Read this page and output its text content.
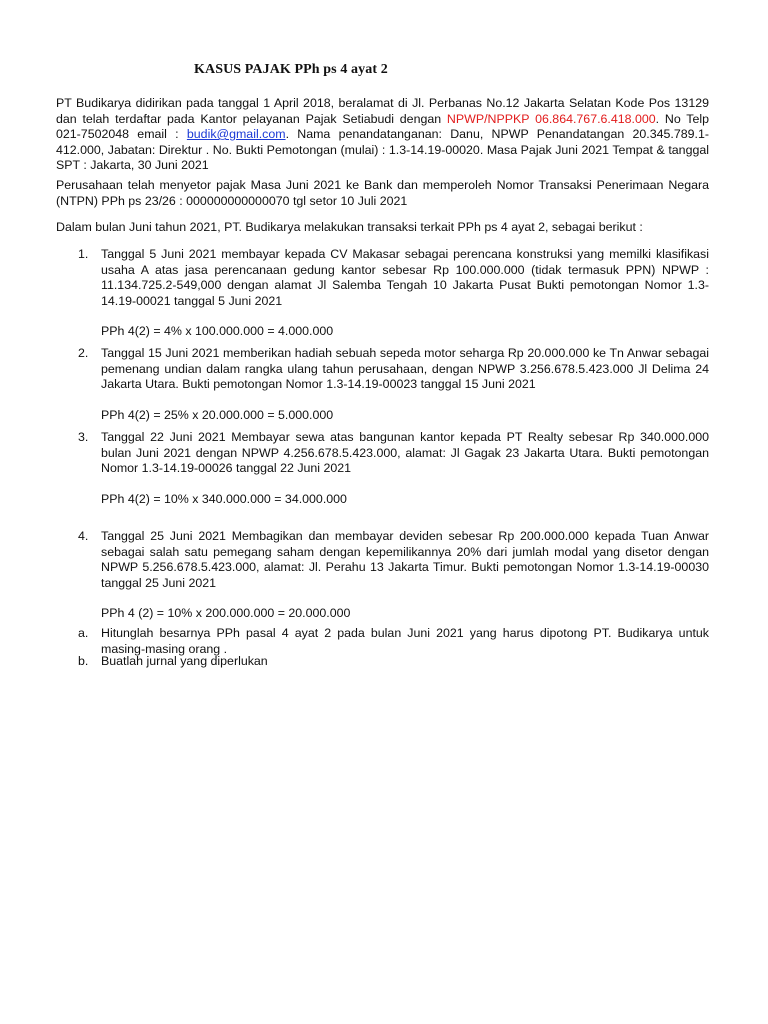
KASUS PAJAK PPh ps 4 ayat 2

PT Budikarya didirikan pada tanggal 1 April 2018, beralamat di Jl. Perbanas No.12 Jakarta Selatan Kode Pos 13129 dan telah terdaftar pada Kantor pelayanan Pajak Setiabudi dengan NPWP/NPPKP 06.864.767.6.418.000. No Telp 021-7502048 email : budik@gmail.com. Nama penandatanganan: Danu, NPWP Penandatangan 20.345.789.1-412.000, Jabatan: Direktur . No. Bukti Pemotongan (mulai) : 1.3-14.19-00020. Masa Pajak Juni 2021 Tempat & tanggal SPT : Jakarta, 30 Juni 2021

Perusahaan telah menyetor pajak Masa Juni 2021 ke Bank dan memperoleh Nomor Transaksi Penerimaan Negara (NTPN) PPh ps 23/26 : 000000000000070 tgl setor 10 Juli 2021

Dalam bulan Juni tahun 2021, PT. Budikarya melakukan transaksi terkait PPh ps 4 ayat 2, sebagai berikut :

1. Tanggal 5 Juni 2021 membayar kepada CV Makasar sebagai perencana konstruksi yang memilki klasifikasi usaha A atas jasa perencanaan gedung kantor sebesar Rp 100.000.000 (tidak termasuk PPN) NPWP : 11.134.725.2-549,000 dengan alamat Jl Salemba Tengah 10 Jakarta Pusat Bukti pemotongan Nomor 1.3-14.19-00021 tanggal 5 Juni 2021
PPh 4(2) = 4% x 100.000.000 = 4.000.000
2. Tanggal 15 Juni 2021 memberikan hadiah sebuah sepeda motor seharga Rp 20.000.000 ke Tn Anwar sebagai pemenang undian dalam rangka ulang tahun perusahaan, dengan NPWP 3.256.678.5.423.000 Jl Delima 24 Jakarta Utara. Bukti pemotongan Nomor 1.3-14.19-00023 tanggal 15 Juni 2021
PPh 4(2) = 25% x 20.000.000 = 5.000.000
3. Tanggal 22 Juni 2021 Membayar sewa atas bangunan kantor kepada PT Realty sebesar Rp 340.000.000 bulan Juni 2021 dengan NPWP 4.256.678.5.423.000, alamat: Jl Gagak 23 Jakarta Utara. Bukti pemotongan Nomor 1.3-14.19-00026 tanggal 22 Juni 2021
PPh 4(2) = 10% x 340.000.000 = 34.000.000
4. Tanggal 25 Juni 2021 Membagikan dan membayar deviden sebesar Rp 200.000.000 kepada Tuan Anwar sebagai salah satu pemegang saham dengan kepemilikannya 20% dari jumlah modal yang disetor dengan NPWP 5.256.678.5.423.000, alamat: Jl. Perahu 13 Jakarta Timur. Bukti pemotongan Nomor 1.3-14.19-00030 tanggal 25 Juni 2021
PPh 4 (2) = 10% x 200.000.000 = 20.000.000
a. Hitunglah besarnya PPh pasal 4 ayat 2 pada bulan Juni 2021 yang harus dipotong PT. Budikarya untuk masing-masing orang .
b. Buatlah jurnal yang diperlukan
